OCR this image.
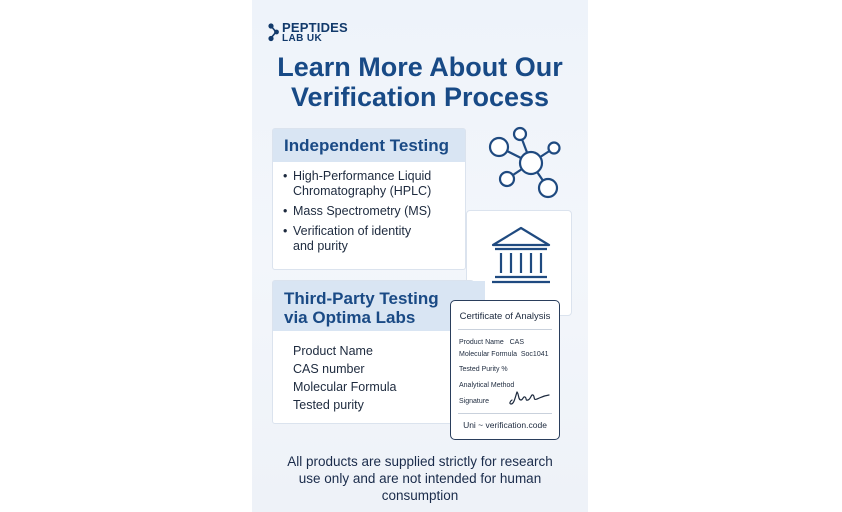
PEPTIDES
LAB UK
Learn More About Our
Verification Process
Independent Testing
• High-Performance Liquid
Chromatography (HPLC)
• Mass Spectrometry (MS)
• Verification of identity
and purity
Third-Party Testing
via Optima Labs
Product Name
CAS number
Molecular Formula
Tested purity
Certificate of Analysis
Product Name CAS
Molecular Formula Soc1041
Tested Purity %
Analytical Method
Signature
Uni ~ verification.code
All products are supplied strictly for research
use only and are not intended for human
consumption
